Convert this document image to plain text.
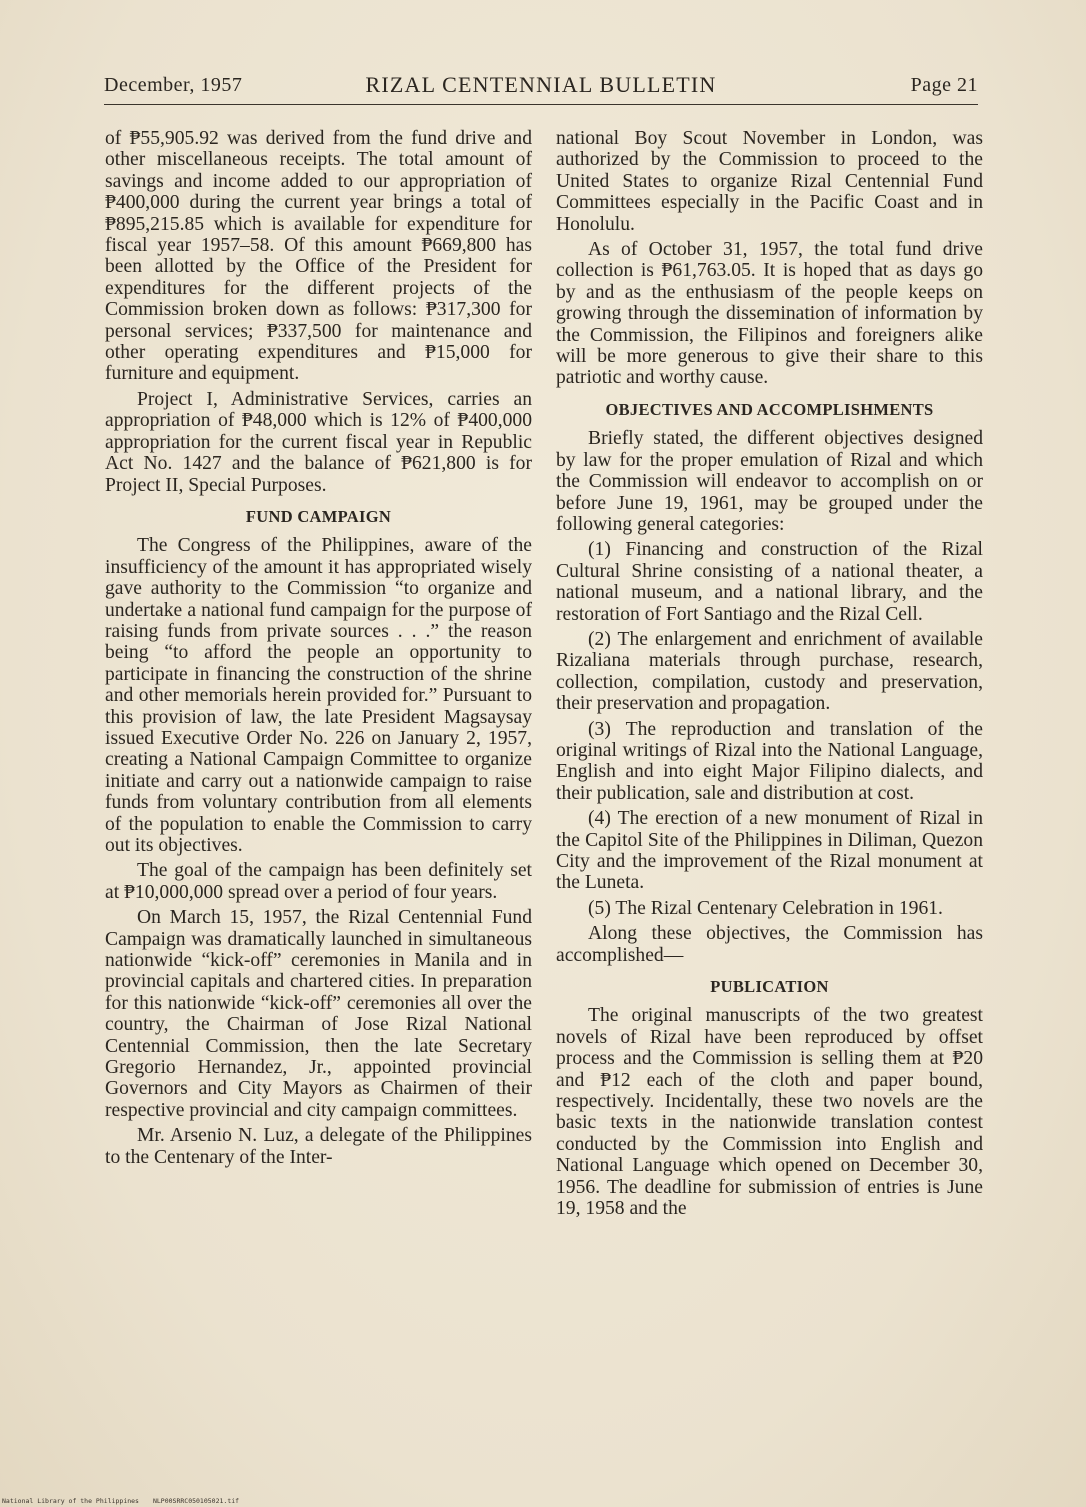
December, 1957	RIZAL CENTENNIAL BULLETIN	Page 21

of ₱55,905.92 was derived from the fund drive and other miscellaneous receipts. The total amount of savings and income added to our appropriation of ₱400,000 during the current year brings a total of ₱895,215.85 which is available for expenditure for fiscal year 1957–58. Of this amount ₱669,800 has been allotted by the Office of the President for expenditures for the different projects of the Commission broken down as follows: ₱317,300 for personal services; ₱337,500 for maintenance and other operating expenditures and ₱15,000 for furniture and equipment.

Project I, Administrative Services, carries an appropriation of ₱48,000 which is 12% of ₱400,000 appropriation for the current fiscal year in Republic Act No. 1427 and the balance of ₱621,800 is for Project II, Special Purposes.

FUND CAMPAIGN

The Congress of the Philippines, aware of the insufficiency of the amount it has appropriated wisely gave authority to the Commission “to organize and undertake a national fund campaign for the purpose of raising funds from private sources . . .” the reason being “to afford the people an opportunity to participate in financing the construction of the shrine and other memorials herein provided for.” Pursuant to this provision of law, the late President Magsaysay issued Executive Order No. 226 on January 2, 1957, creating a National Campaign Committee to organize initiate and carry out a nationwide campaign to raise funds from voluntary contribution from all elements of the population to enable the Commission to carry out its objectives.

The goal of the campaign has been definitely set at ₱10,000,000 spread over a period of four years.

On March 15, 1957, the Rizal Centennial Fund Campaign was dramatically launched in simultaneous nationwide “kick-off” ceremonies in Manila and in provincial capitals and chartered cities. In preparation for this nationwide “kick-off” ceremonies all over the country, the Chairman of Jose Rizal National Centennial Commission, then the late Secretary Gregorio Hernandez, Jr., appointed provincial Governors and City Mayors as Chairmen of their respective provincial and city campaign committees.

Mr. Arsenio N. Luz, a delegate of the Philippines to the Centenary of the Inter-

national Boy Scout November in London, was authorized by the Commission to proceed to the United States to organize Rizal Centennial Fund Committees especially in the Pacific Coast and in Honolulu.

As of October 31, 1957, the total fund drive collection is ₱61,763.05. It is hoped that as days go by and as the enthusiasm of the people keeps on growing through the dissemination of information by the Commission, the Filipinos and foreigners alike will be more generous to give their share to this patriotic and worthy cause.

OBJECTIVES AND ACCOMPLISHMENTS

Briefly stated, the different objectives designed by law for the proper emulation of Rizal and which the Commission will endeavor to accomplish on or before June 19, 1961, may be grouped under the following general categories:

(1) Financing and construction of the Rizal Cultural Shrine consisting of a national theater, a national museum, and a national library, and the restoration of Fort Santiago and the Rizal Cell.

(2) The enlargement and enrichment of available Rizaliana materials through purchase, research, collection, compilation, custody and preservation, their preservation and propagation.

(3) The reproduction and translation of the original writings of Rizal into the National Language, English and into eight Major Filipino dialects, and their publication, sale and distribution at cost.

(4) The erection of a new monument of Rizal in the Capitol Site of the Philippines in Diliman, Quezon City and the improvement of the Rizal monument at the Luneta.

(5) The Rizal Centenary Celebration in 1961.

Along these objectives, the Commission has accomplished—

PUBLICATION

The original manuscripts of the two greatest novels of Rizal have been reproduced by offset process and the Commission is selling them at ₱20 and ₱12 each of the cloth and paper bound, respectively. Incidentally, these two novels are the basic texts in the nationwide translation contest conducted by the Commission into English and National Language which opened on December 30, 1956. The deadline for submission of entries is June 19, 1958 and the

National Library of the Philippines NLP00SRRC050105021.tif
